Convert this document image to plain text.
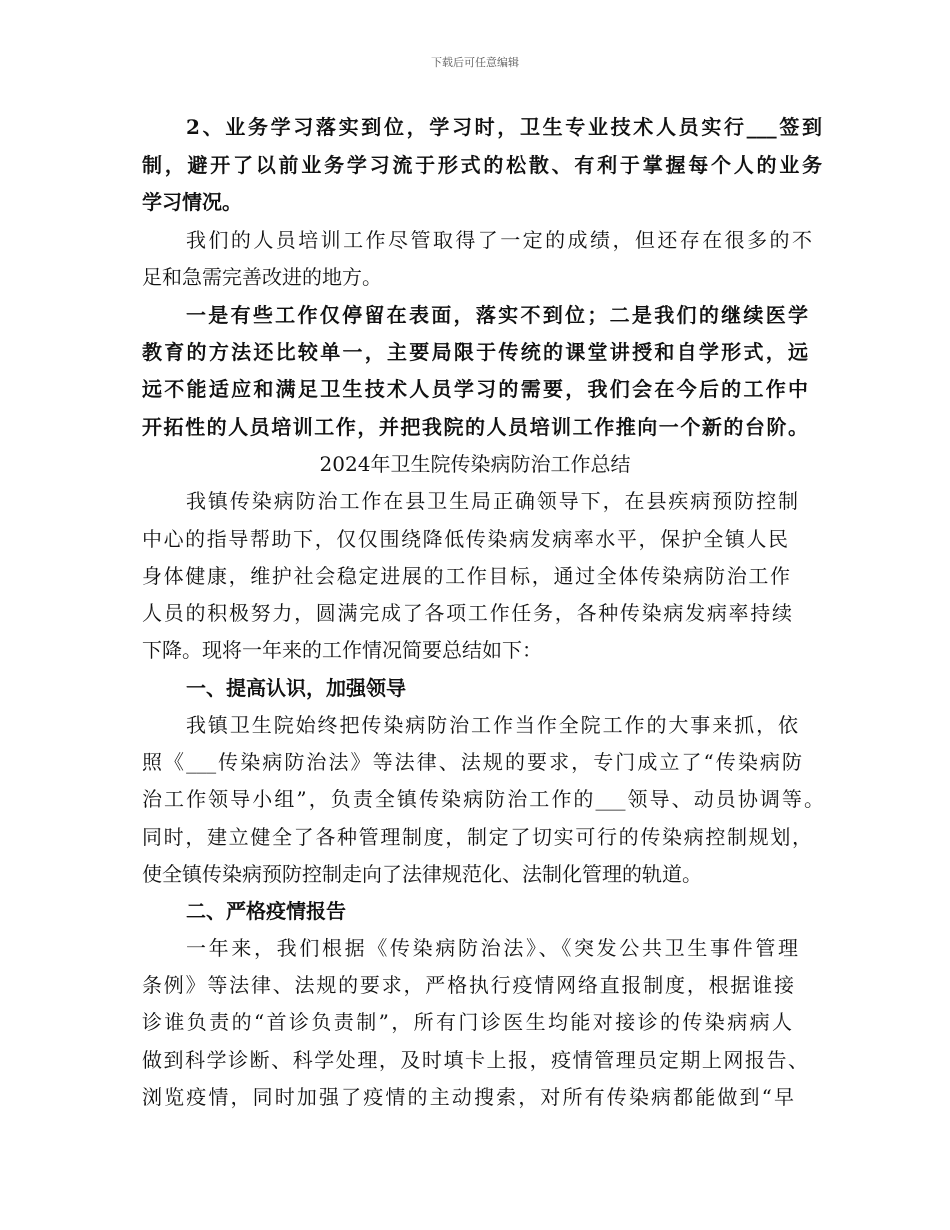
下载后可任意编辑
2、业务学习落实到位，学习时，卫生专业技术人员实行___签到
制，避开了以前业务学习流于形式的松散、有利于掌握每个人的业务
学习情况。
我们的人员培训工作尽管取得了一定的成绩，但还存在很多的不
足和急需完善改进的地方。
一是有些工作仅停留在表面，落实不到位；二是我们的继续医学
教育的方法还比较单一，主要局限于传统的课堂讲授和自学形式，远
远不能适应和满足卫生技术人员学习的需要，我们会在今后的工作中
开拓性的人员培训工作，并把我院的人员培训工作推向一个新的台阶。
2024年卫生院传染病防治工作总结
我镇传染病防治工作在县卫生局正确领导下，在县疾病预防控制
中心的指导帮助下，仅仅围绕降低传染病发病率水平，保护全镇人民
身体健康，维护社会稳定进展的工作目标，通过全体传染病防治工作
人员的积极努力，圆满完成了各项工作任务，各种传染病发病率持续
下降。现将一年来的工作情况简要总结如下：
一、提高认识，加强领导
我镇卫生院始终把传染病防治工作当作全院工作的大事来抓，依
照《___传染病防治法》等法律、法规的要求，专门成立了“传染病防
治工作领导小组”，负责全镇传染病防治工作的___领导、动员协调等。
同时，建立健全了各种管理制度，制定了切实可行的传染病控制规划，
使全镇传染病预防控制走向了法律规范化、法制化管理的轨道。
二、严格疫情报告
一年来，我们根据《传染病防治法》、《突发公共卫生事件管理
条例》等法律、法规的要求，严格执行疫情网络直报制度，根据谁接
诊谁负责的“首诊负责制”，所有门诊医生均能对接诊的传染病病人
做到科学诊断、科学处理，及时填卡上报，疫情管理员定期上网报告、
浏览疫情，同时加强了疫情的主动搜索，对所有传染病都能做到“早
